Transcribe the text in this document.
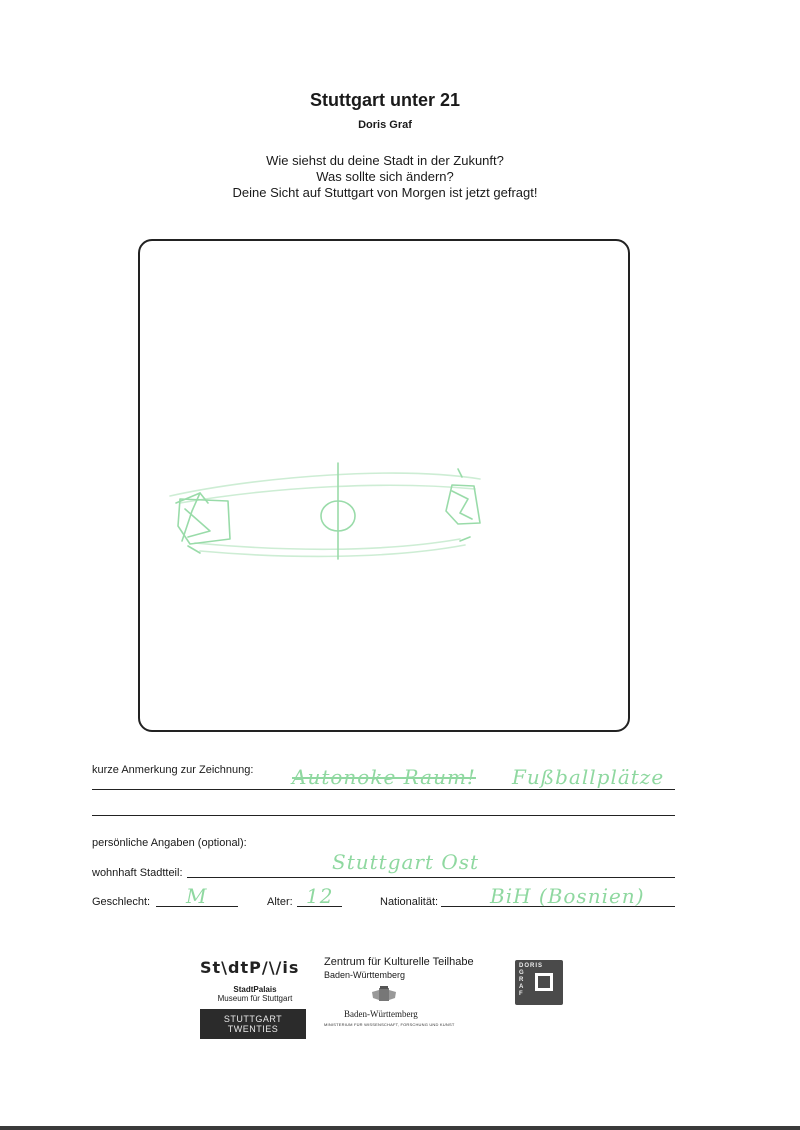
Stuttgart unter 21
Doris Graf
Wie siehst du deine Stadt in der Zukunft?
Was sollte sich ändern?
Deine Sicht auf Stuttgart von Morgen ist jetzt gefragt!
kurze Anmerkung zur Zeichnung: Autonoke Raum! Fußballplätze
persönliche Angaben (optional):
wohnhaft Stadtteil:	Stuttgart Ost
Geschlecht: M	Alter: 12	Nationalität:	BiH (Bosnien)
St\dtP/\/is
StadtPalais
Museum für Stuttgart
STUTTGART TWENTIES
Zentrum für Kulturelle Teilhabe
Baden-Württemberg
Baden-Württemberg
MINISTERIUM FÜR WISSENSCHAFT, FORSCHUNG UND KUNST
DORIS
G
R
A
F
